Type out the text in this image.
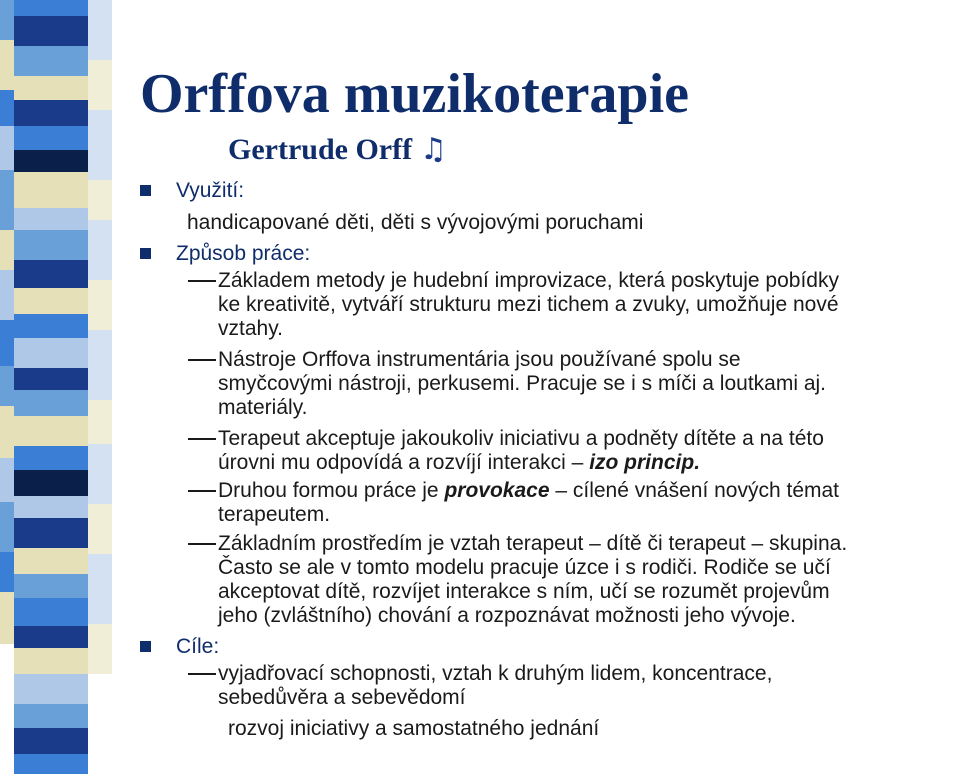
Orffova muzikoterapie
Gertrude Orff ♫
Využití:
handicapované děti, děti s vývojovými poruchami
Způsob práce:
Základem metody je hudební improvizace, která poskytuje pobídky
ke kreativitě, vytváří strukturu mezi tichem a zvuky, umožňuje nové
vztahy.
Nástroje Orffova instrumentária jsou používané spolu se
smyčcovými nástroji, perkusemi. Pracuje se i s míči a loutkami aj.
materiály.
Terapeut akceptuje jakoukoliv iniciativu a podněty dítěte a na této
úrovni mu odpovídá a rozvíjí interakci – izo princip.
Druhou formou práce je provokace – cílené vnášení nových témat
terapeutem.
Základním prostředím je vztah terapeut – dítě či terapeut – skupina.
Často se ale v tomto modelu pracuje úzce i s rodiči. Rodiče se učí
akceptovat dítě, rozvíjet interakce s ním, učí se rozumět projevům
jeho (zvláštního) chování a rozpoznávat možnosti jeho vývoje.
Cíle:
vyjadřovací schopnosti, vztah k druhým lidem, koncentrace,
sebedůvěra a sebevědomí
rozvoj iniciativy a samostatného jednání
